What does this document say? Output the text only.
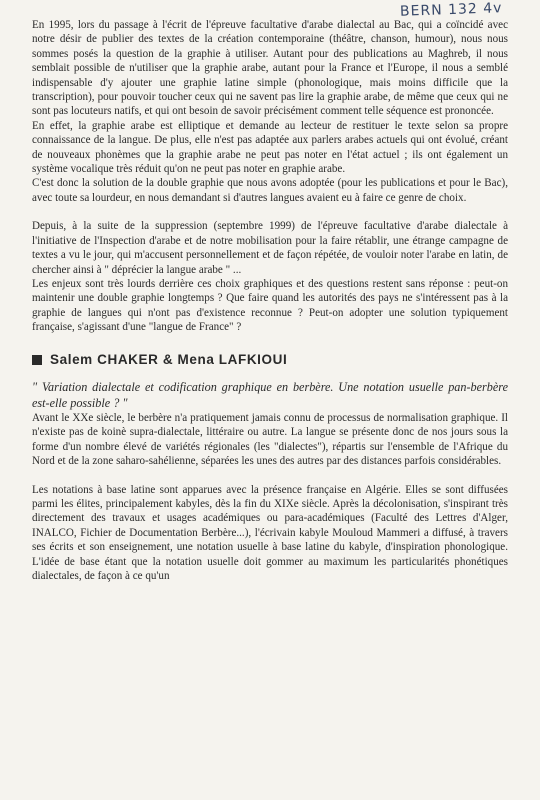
BERN 132 4v

En 1995, lors du passage à l'écrit de l'épreuve facultative d'arabe dialectal au Bac, qui a coïncidé avec notre désir de publier des textes de la création contemporaine (théâtre, chanson, humour), nous nous sommes posés la question de la graphie à utiliser. Autant pour des publications au Maghreb, il nous semblait possible de n'utiliser que la graphie arabe, autant pour la France et l'Europe, il nous a semblé indispensable d'y ajouter une graphie latine simple (phonologique, mais moins difficile que la transcription), pour pouvoir toucher ceux qui ne savent pas lire la graphie arabe, de même que ceux qui ne sont pas locuteurs natifs, et qui ont besoin de savoir précisément comment telle séquence est prononcée.

En effet, la graphie arabe est elliptique et demande au lecteur de restituer le texte selon sa propre connaissance de la langue. De plus, elle n'est pas adaptée aux parlers arabes actuels qui ont évolué, créant de nouveaux phonèmes que la graphie arabe ne peut pas noter en l'état actuel ; ils ont également un système vocalique très réduit qu'on ne peut pas noter en graphie arabe.

C'est donc la solution de la double graphie que nous avons adoptée (pour les publications et pour le Bac), avec toute sa lourdeur, en nous demandant si d'autres langues avaient eu à faire ce genre de choix.

Depuis, à la suite de la suppression (septembre 1999) de l'épreuve facultative d'arabe dialectale à l'initiative de l'Inspection d'arabe et de notre mobilisation pour la faire rétablir, une étrange campagne de textes a vu le jour, qui m'accusent personnellement et de façon répétée, de vouloir noter l'arabe en latin, de chercher ainsi à " déprécier la langue arabe " ...

Les enjeux sont très lourds derrière ces choix graphiques et des questions restent sans réponse : peut-on maintenir une double graphie longtemps ? Que faire quand les autorités des pays ne s'intéressent pas à la graphie de langues qui n'ont pas d'existence reconnue ? Peut-on adopter une solution typiquement française, s'agissant d'une "langue de France" ?

Salem CHAKER & Mena LAFKIOUI

" Variation dialectale et codification graphique en berbère. Une notation usuelle pan-berbère est-elle possible ? "

Avant le XXe siècle, le berbère n'a pratiquement jamais connu de processus de normalisation graphique. Il n'existe pas de koinè supra-dialectale, littéraire ou autre. La langue se présente donc de nos jours sous la forme d'un nombre élevé de variétés régionales (les "dialectes"), répartis sur l'ensemble de l'Afrique du Nord et de la zone saharo-sahélienne, séparées les unes des autres par des distances parfois considérables.

Les notations à base latine sont apparues avec la présence française en Algérie. Elles se sont diffusées parmi les élites, principalement kabyles, dès la fin du XIXe siècle. Après la décolonisation, s'inspirant très directement des travaux et usages académiques ou para-académiques (Faculté des Lettres d'Alger, INALCO, Fichier de Documentation Berbère...), l'écrivain kabyle Mouloud Mammeri a diffusé, à travers ses écrits et son enseignement, une notation usuelle à base latine du kabyle, d'inspiration phonologique. L'idée de base étant que la notation usuelle doit gommer au maximum les particularités phonétiques dialectales, de façon à ce qu'un
